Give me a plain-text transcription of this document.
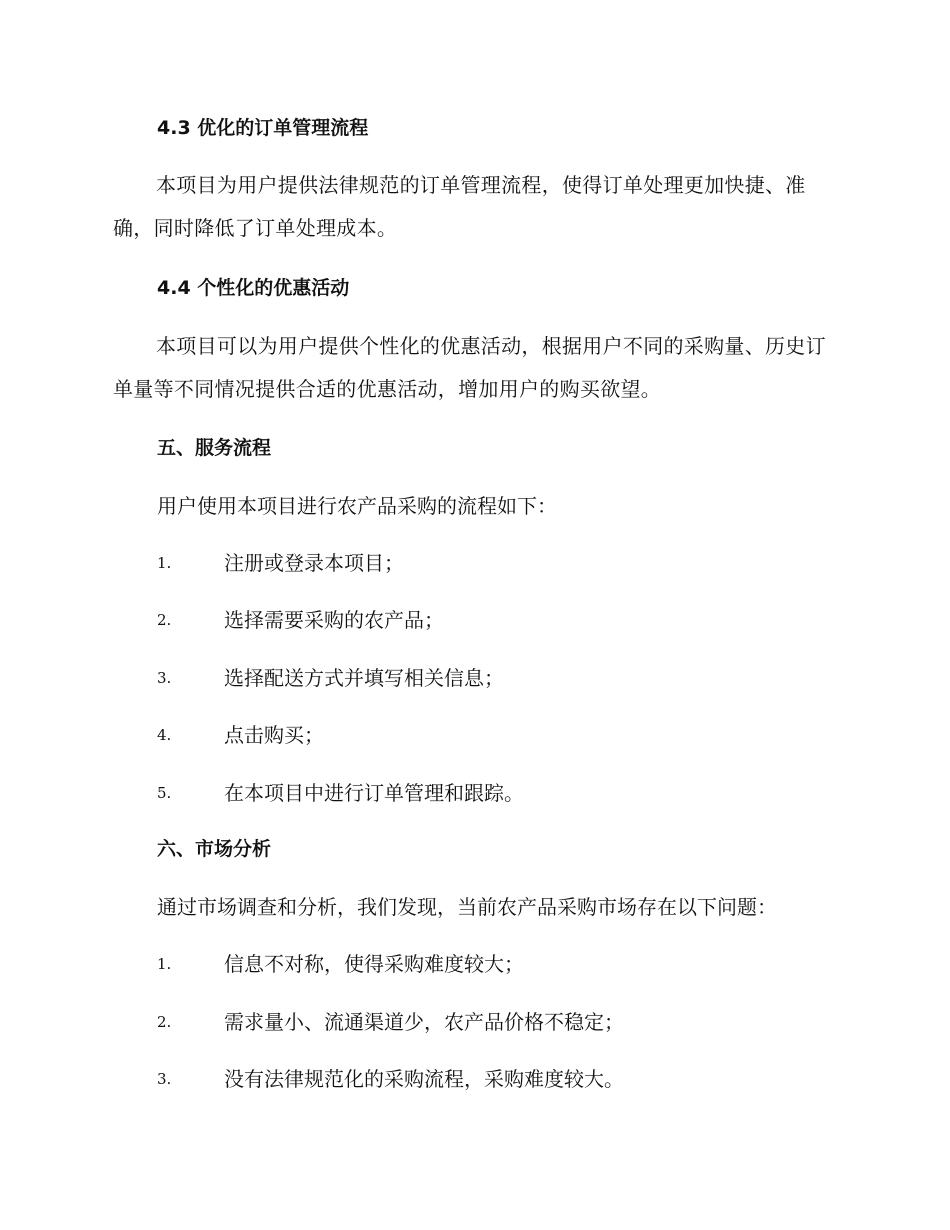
4.3 优化的订单管理流程

本项目为用户提供法律规范的订单管理流程，使得订单处理更加快捷、准确，同时降低了订单处理成本。

4.4 个性化的优惠活动

本项目可以为用户提供个性化的优惠活动，根据用户不同的采购量、历史订单量等不同情况提供合适的优惠活动，增加用户的购买欲望。

五、服务流程

用户使用本项目进行农产品采购的流程如下：

1.	注册或登录本项目；
2.	选择需要采购的农产品；
3.	选择配送方式并填写相关信息；
4.	点击购买；
5.	在本项目中进行订单管理和跟踪。
六、市场分析

通过市场调查和分析，我们发现，当前农产品采购市场存在以下问题：

1.	信息不对称，使得采购难度较大；
2.	需求量小、流通渠道少，农产品价格不稳定；
3.	没有法律规范化的采购流程，采购难度较大。
